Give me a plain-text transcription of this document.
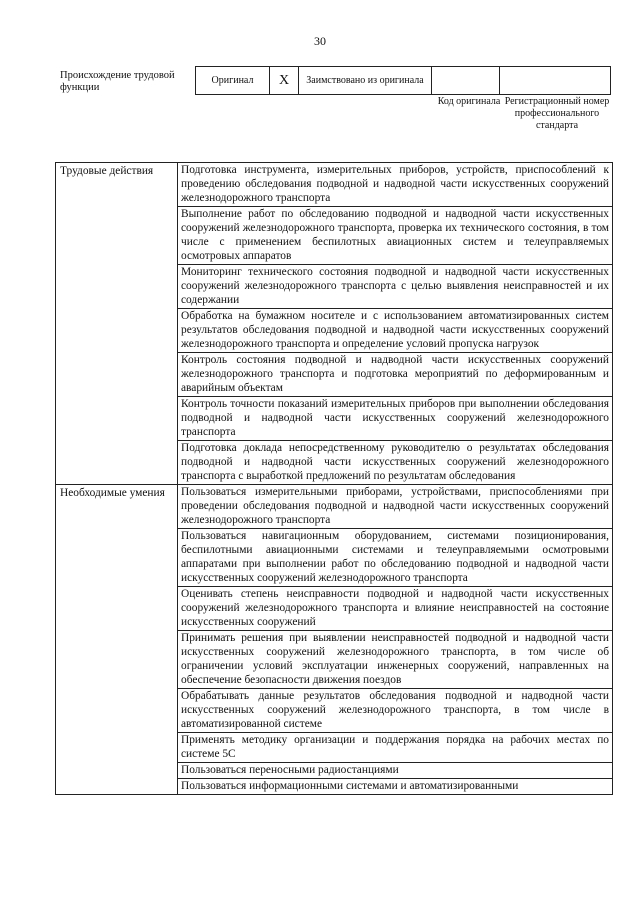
30
Происхождение трудовой функции
Оригинал	X	Заимствовано из оригинала		
Код оригинала Регистрационный номер профессионального стандарта
Трудовые действия	Подготовка инструмента, измерительных приборов, устройств, приспособлений к проведению обследования подводной и надводной части искусственных сооружений железнодорожного транспорта
	Выполнение работ по обследованию подводной и надводной части искусственных сооружений железнодорожного транспорта, проверка их технического состояния, в том числе с применением беспилотных авиационных систем и телеуправляемых осмотровых аппаратов
	Мониторинг технического состояния подводной и надводной части искусственных сооружений железнодорожного транспорта с целью выявления неисправностей и их содержании
	Обработка на бумажном носителе и с использованием автоматизированных систем результатов обследования подводной и надводной части искусственных сооружений железнодорожного транспорта и определение условий пропуска нагрузок
	Контроль состояния подводной и надводной части искусственных сооружений железнодорожного транспорта и подготовка мероприятий по деформированным и аварийным объектам
	Контроль точности показаний измерительных приборов при выполнении обследования подводной и надводной части искусственных сооружений железнодорожного транспорта
	Подготовка доклада непосредственному руководителю о результатах обследования подводной и надводной части искусственных сооружений железнодорожного транспорта с выработкой предложений по результатам обследования
Необходимые умения	Пользоваться измерительными приборами, устройствами, приспособлениями при проведении обследования подводной и надводной части искусственных сооружений железнодорожного транспорта
	Пользоваться навигационным оборудованием, системами позиционирования, беспилотными авиационными системами и телеуправляемыми осмотровыми аппаратами при выполнении работ по обследованию подводной и надводной части искусственных сооружений железнодорожного транспорта
	Оценивать степень неисправности подводной и надводной части искусственных сооружений железнодорожного транспорта и влияние неисправностей на состояние искусственных сооружений
	Принимать решения при выявлении неисправностей подводной и надводной части искусственных сооружений железнодорожного транспорта, в том числе об ограничении условий эксплуатации инженерных сооружений, направленных на обеспечение безопасности движения поездов
	Обрабатывать данные результатов обследования подводной и надводной части искусственных сооружений железнодорожного транспорта, в том числе в автоматизированной системе
	Применять методику организации и поддержания порядка на рабочих местах по системе 5С
	Пользоваться переносными радиостанциями
	Пользоваться информационными системами и автоматизированными
